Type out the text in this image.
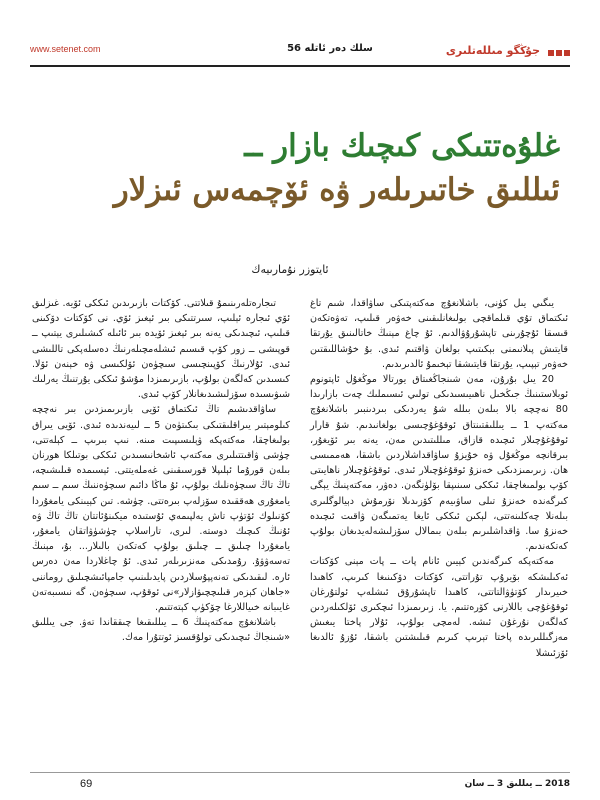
www.setenet.com	56 سلك دەر ئاتلە	جۇڭگو مىللەتلىرى
غلۇەتتىكى كىچىك بازار ــ
ئىللىق خاتىرىلەر ۋە ئۆچمەس ئىزلار
ئايتوزر نۇمارىيەك

يىگىي يىل كۈنى، باشلانغۇچ مەكتەپتىكى ساۋاقدا، شىم تاغ ئىكتماق تۇي قىلماقچى بولىغانلىقىنى خەۋەر قىلىپ، تەۋەتكەن قىسقا ئۇچۇرىنى تاپشۇرۇۋالدىم. ئۇ چاغ مېنىڭ خاتالىنىق يۇرتقا قايتىش پىلانىمنى بېكىتىپ بولغان ۋاقتىم ئىدى. بۇ خۇشاللىقتىن خەۋەر تېپىپ، يۇرتقا قايتىشقا تېخىمۇ ئالدىرىدىم.

20 يىل بۇرۇن، مەن شىنجاڭغىتاق يورتالا موڭغۇل ئاپتونوم ئوبلاستىنىڭ جىڭخىل ناھىيىسىدىكى تولىي ئىسىملىك چەت بازارىدا 80 نەچچە بالا بىلەن بىللە شۇ يەردىكى بىردىنبىر باشلانغۇچ مەكتەپ 1 ــ يىللىقتىنتاق ئوقۇغۇچىسى بولغانىدىم. شۇ قارار ئوقۇغۇچىلار ئىچىدە قازاق، مىللىتىدىن مەن، يەنە بىر ئۆيغۇر، بىرقانچە موڭغۇل ۋە خۇيزۇ ساۋاقداشلاردىن باشقا، ھەممىسى ھان. زىرىمىزدىكى خەنزۇ ئوقۇغۇچىلار ئىدى. ئوقۇغۇچىلار ناھايىتى كۆپ بولمىغاچقا، ئىككى سىنىپقا بۆلۈنگەن. دەۋر، مەكتەپنىڭ يېگى كىرگەندە خەنزۇ تىلى ساۋىيەم كۆزىدىلا نۆرمۇش دېيالوگلىرى بىلەنلا چەكلىنەتتى، لېكىن ئىككى ئايغا يەتمىگەن ۋاقىت ئىچىدە خەنزۇ سا. ۋاقداشلىرىم بىلەن بىمالال سۆزلىشەلەيدىغان بولۇپ كەتكەندىم.

مەكتەپكە كىرگەندىن كېيىن ئانام پات ــ پات مېنى كۆكتات ئەكىلىشكە بۆيرۇپ تۇراتتى، كۆكتات دۆكىنىغا كىرىپ، كاھىدا خىيرىدار كۆتۈۋالتاتتى، كاھىدا تاپشۇرۇق ئىشلەپ ئولتۇرغان ئوقۇغۇچى باللارنى كۆرەتتىم. يا. زىرىمىزدا ئىچكىرى ئۆلكىلەردىن كەلگەن نۇرغۇن ئىشە. لەمچى بولۇپ، ئۇلار پاختا يىغىش مەزگىللىرىدە پاختا تېرىپ كىرىم قىلىشتىن باشقا، ئۇزۇ ئالدىغا ئۆزئىشلا

تىجارەتلەرىنىمۇ قىلاتتى. كۆكتات بازىرىدىن ئىككى ئۆيە. غىزلىق ئۆي ئىجارە ئېلىپ، سىرتتىكى بىر ئېغىز ئۆي. نى كۆكتات دۆكىنى قىلىپ، ئىچىدىكى يەنە بىر ئېغىز ئۆيدە بىر ئائىلە كىشىلىرى يېتىپ ــ قوپىشى ــ زور كۆپ قىسىم ئىشلەمچىلەرنىڭ دەسلەپكى تاللىشى ئىدى. ئۇلارنىڭ كۆپىنچىسى سىچۈەن ئۆلكىسى ۋە خېنەن ئۆلا. كىسىدىن كەلگەن بولۇپ، بازىرىمىزدا مۇشۇ ئىككى يۇرتنىڭ يەرلىك شىۋىسىدە سۆزلىشىدىغانلار كۆپ ئىدى.

ساۋاقدىشىم تاڭ ئىكتماق ئۆيى بازىرىمىزدىن بىر نەچچە كىلومېتىر يىراقلىقتىكى بىكىتۈەن 5 ــ لىيەندىدە ئىدى. ئۆيى يىراق بولىغاچقا، مەكتەپكە ۋېلىسىپىت مىنە. نىپ بىرىپ ــ كېلەتتى، چۈشى ۋاقىتتىلىرى مەكتەپ ئاشخانىسىدىن ئىككى بوتىلكا ھورنان بىلەن قورۇما ئېلىپلا قورسىقىنى غەملەيتتى. ئېسىمدە قىلىشىچە، تاڭ تاڭ سىچۈەنلىك بولۇپ، ئۇ ماڭا دائىم سىچۈەننىڭ سىم ــ سىم يامغۇرى ھەققىدە سۆزلەپ بىرەتتى. چۈشە. تىن كېيىنكى يامغۇردا كۆنىلوك ئۆتۈپ تاش يەلپىمەي ئۇستىدە ميكىنۇئاتتان تاڭ تاڭ ۋە ئۇنىڭ كىچىك دوستە. لىرى، تاراسلاپ چۈشۈۋاتقان يامغۇر، يامغۇردا چىلىق ــ چىلىق بولۇپ كەتكەن بالىلار... بۇ، مېنىڭ تەسەۋۋۇ. رۇمدىكى مەنزىرىلەر ئىدى. ئۇ چاغلاردا مەن دەرس ئارە. لىقىدىكى تەنەپپۇسلاردىن پايدىلىنىپ جامپائىشچىلىق روماننى «جاھان كېزەر قىلىچچىۋازلار»نى ئوقۇپ، سىچۈەن. گە نىسىبەتەن غايىبانە خىياللارغا چۆكۈپ كېتەتتىم.

باشلانغۇچ مەكتەپنىڭ 6 ــ يىللىقىغا چىققاندا تەۋ. جى يىللىق «شىنجاڭ ئىچىدىكى تولۇقسىز ئوتتۇرا مەك.

69	2018 ــ يىللىق 3 ــ سان
